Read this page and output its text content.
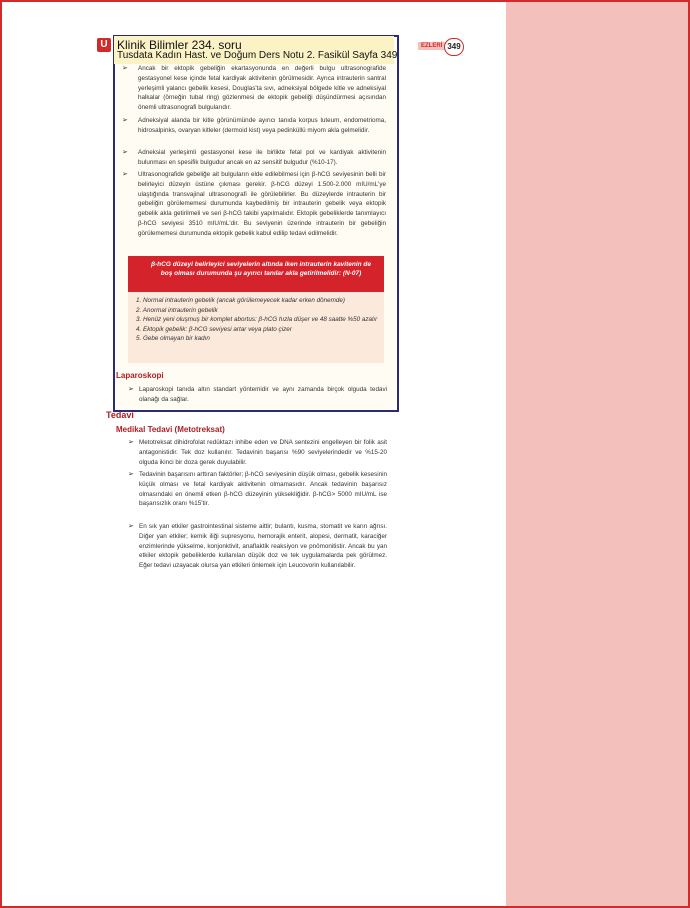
U	EZLERİ 349
Klinik Bilimler 234. soru
Tusdata Kadın Hast. ve Doğum Ders Notu 2. Fasikül Sayfa 349
➢ Ancak bir ektopik gebeliğin ekartasyonunda en değerli bulgu ultrasonografide gestasyonel kese içinde fetal kardiyak aktivitenin görülmesidir. Ayrıca intrauterin santral yerleşimli yalancı gebelik kesesi, Douglas'ta sıvı, adneksiyal bölgede kitle ve adneksiyal halkalar (örneğin tubal ring) gözlenmesi de ektopik gebeliği düşündürmesi açısından önemli ultrasonografi bulgularıdır.
➢ Adneksiyal alanda bir kitle görünümünde ayırıcı tanıda korpus luteum, endometrioma, hidrosalpinks, ovaryan kitleler (dermoid kist) veya pedinküllü miyom akla gelmelidir.
➢ Adneksial yerleşimli gestasyonel kese ile birlikte fetal pol ve kardiyak aktivitenin bulunması en spesifik bulgudur ancak en az sensitif bulgudur (%10-17).
➢ Ultrasonografide gebeliğe ait bulguların elde edilebilmesi için β-hCG seviyesinin belli bir belirleyici düzeyin üstüne çıkması gerekir. β-hCG düzeyi 1.500-2.000 mIU/mL'ye ulaştığında transvajinal ultrasonografi ile görülebilirler. Bu düzeylerde intrauterin bir gebeliğin görülememesi durumunda kaybedilmiş bir intrauterin gebelik veya ektopik gebelik akla getirilmeli ve seri β-hCG takibi yapılmalıdır. Ektopik gebeliklerde tanımlayıcı β-hCG seviyesi 3510 mIU/mL'dir. Bu seviyenin üzerinde intrauterin bir gebeliğin görülememesi durumunda ektopik gebelik kabul edilip tedavi edilmelidir.
β-hCG düzeyi belirleyici seviyelerin altında iken intrauterin kavitenin de boş olması durumunda şu ayırıcı tanılar akla getirilmelidir: (N-07)
1. Normal intrauterin gebelik (ancak görülemeyecek kadar erken dönemde)
2. Anormal intrauterin gebelik
3. Henüz yeni oluşmuş bir komplet abortus: β-hCG hızla düşer ve 48 saatte %50 azalır
4. Ektopik gebelik: β-hCG seviyesi artar veya plato çizer
5. Gebe olmayan bir kadın
Laparoskopi
➢ Laparoskopi tanıda altın standart yöntemidir ve aynı zamanda birçok olguda tedavi olanağı da sağlar.
Tedavi
Medikal Tedavi (Metotreksat)
➢ Metotreksat dihidrofolat redüktazı inhibe eden ve DNA sentezini engelleyen bir folik asit antagonistidir. Tek doz kullanılır. Tedavinin başarısı %90 seviyelerindedir ve %15-20 olguda ikinci bir doza gerek duyulabilir.
➢ Tedavinin başarısını arttıran faktörler; β-hCG seviyesinin düşük olması, gebelik kesesinin küçük olması ve fetal kardiyak aktivitenin olmamasıdır. Ancak tedavinin başarısız olmasındaki en önemli etken β-hCG düzeyinin yüksekliğidir. β-hCG> 5000 mIU/mL ise başarısızlık oranı %15'tir.
➢ En sık yan etkiler gastrointestinal sisteme aittir; bulantı, kusma, stomatit ve karın ağrısı. Diğer yan etkiler; kemik iliği supresyonu, hemorajik enterit, alopesi, dermatit, karaciğer enzimlerinde yükselme, konjonktivit, anaflaktik reaksiyon ve pnömonitistir. Ancak bu yan etkiler ektopik gebeliklerde kullanılan düşük doz ve tek uygulamalarda pek görülmez. Eğer tedavi uzayacak olursa yan etkileri önlemek için Leucovorin kullanılabilir.
